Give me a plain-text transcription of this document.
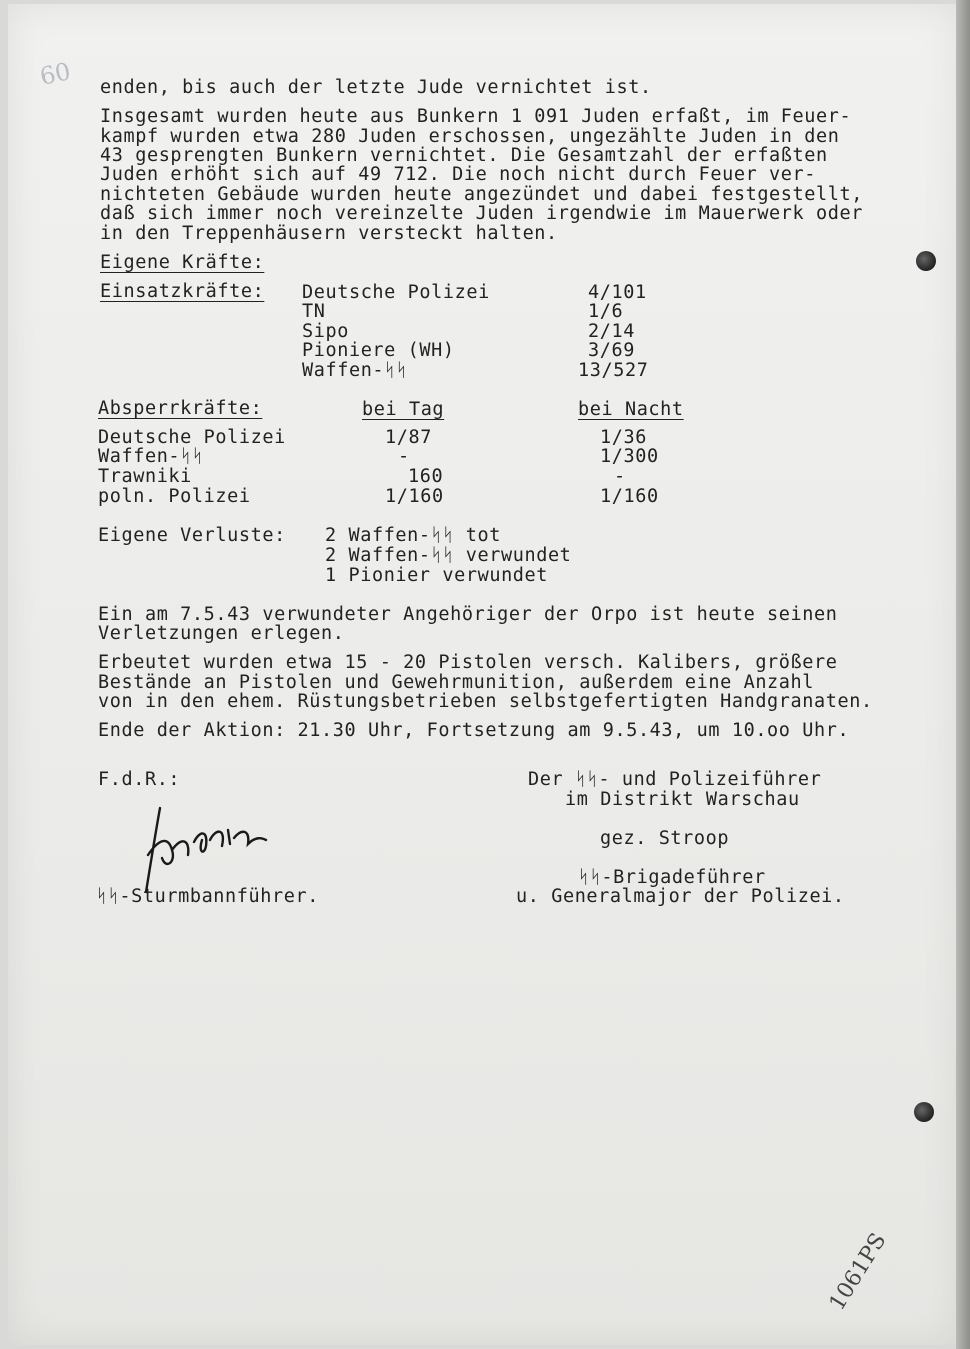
60 enden, bis auch der letzte Jude vernichtet ist.
Insgesamt wurden heute aus Bunkern 1 091 Juden erfaßt, im Feuer-
kampf wurden etwa 280 Juden erschossen, ungezählte Juden in den
43 gesprengten Bunkern vernichtet. Die Gesamtzahl der erfaßten
Juden erhöht sich auf 49 712. Die noch nicht durch Feuer ver-
nichteten Gebäude wurden heute angezündet und dabei festgestellt,
daß sich immer noch vereinzelte Juden irgendwie im Mauerwerk oder
in den Treppenhäusern versteckt halten.
Eigene Kräfte:
Einsatzkräfte: Deutsche Polizei	4/101
TN	1/6
Sipo	2/14
Pioniere (WH)	3/69
Waffen-ᛋᛋ	13/527
Absperrkräfte:	bei Tag	bei Nacht
Deutsche Polizei	1/87	1/36
Waffen-ᛋᛋ	-	1/300
Trawniki	160	-
poln. Polizei	1/160	1/160
Eigene Verluste: 2 Waffen-ᛋᛋ tot
2 Waffen-ᛋᛋ verwundet
1 Pionier verwundet
Ein am 7.5.43 verwundeter Angehöriger der Orpo ist heute seinen
Verletzungen erlegen.
Erbeutet wurden etwa 15 - 20 Pistolen versch. Kalibers, größere
Bestände an Pistolen und Gewehrmunition, außerdem eine Anzahl
von in den ehem. Rüstungsbetrieben selbstgefertigten Handgranaten.
Ende der Aktion: 21.30 Uhr, Fortsetzung am 9.5.43, um 10.oo Uhr.
F.d.R.:	Der ᛋᛋ- und Polizeiführer
im Distrikt Warschau
gez. Stroop
ᛋᛋ-Brigadeführer
u. Generalmajor der Polizei.
ᛋᛋ-Sturmbannführer.
1061PS
